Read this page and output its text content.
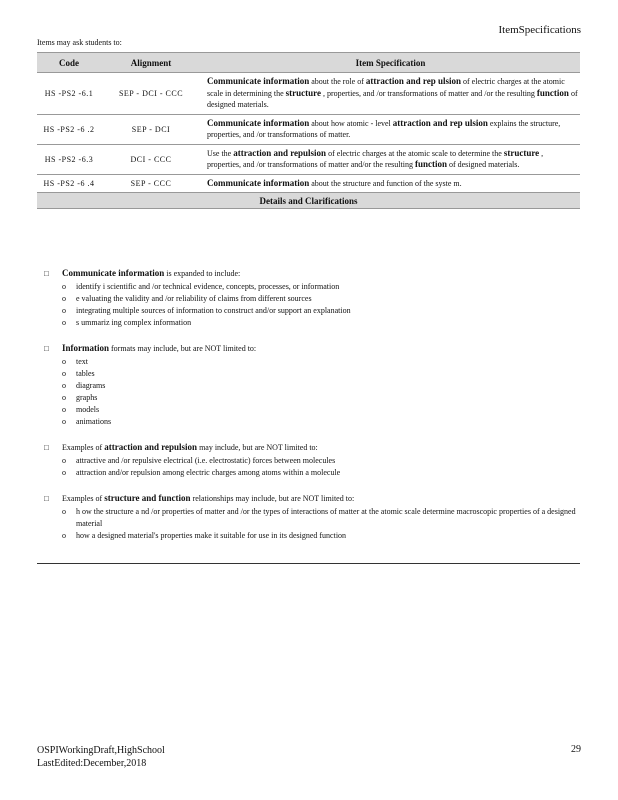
ItemSpecifications
Items may ask students to:
Code	Alignment	Item Specification
HS -PS2 -6.1	SEP - DCI - CCC	Communicate information about the role of attraction and rep ulsion of electric charges at the atomic scale in determining the structure , properties, and /or transformations of matter and /or the resulting function of designed materials.
HS -PS2 -6 .2	SEP - DCI	Communicate information about how atomic - level attraction and rep ulsion explains the structure, properties, and /or transformations of matter.
HS -PS2 -6.3	DCI - CCC	Use the attraction and repulsion of electric charges at the atomic scale to determine the structure , properties, and /or transformations of matter and/or the resulting function of designed materials.
HS -PS2 -6 .4	SEP - CCC	Communicate information about the structure and function of the syste m.
Details and Clarifications		
□	Communicate information is expanded to include:
o	identify i scientific and /or technical evidence, concepts, processes, or information
o	e valuating the validity and /or reliability of claims from different sources
o	integrating multiple sources of information to construct and/or support an explanation
o	s ummariz ing complex information
□	Information formats may include, but are NOT limited to:
o	text
o	tables
o	diagrams
o	graphs
o	models
o	animations
□	Examples of attraction and repulsion may include, but are NOT limited to:
o	attractive and /or repulsive electrical (i.e. electrostatic) forces between molecules
o	attraction and/or repulsion among electric charges among atoms within a molecule
□	Examples of structure and function relationships may include, but are NOT limited to:
o	h ow the structure a nd /or properties of matter and /or the types of interactions of matter at the atomic scale determine macroscopic properties of a designed material
o	how a designed material's properties make it suitable for use in its designed function
OSPIWorkingDraft,HighSchool
LastEdited:December,2018
29
